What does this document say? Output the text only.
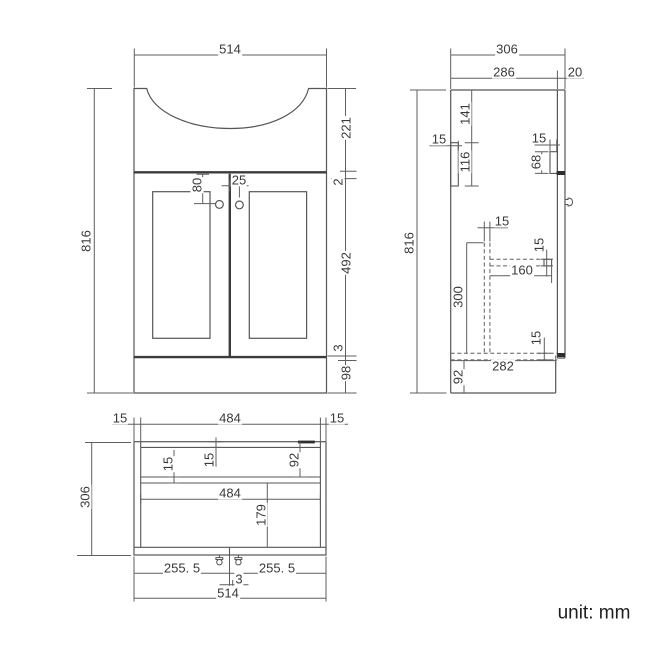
514
816
221
2
492
3
98
80 25
306
286	20
816
141
15
116
15
68
15
300
15
160
15
282
92
15	484	15
306
15 15	92
484
179
255. 5	255. 5
3
514
unit: mm
